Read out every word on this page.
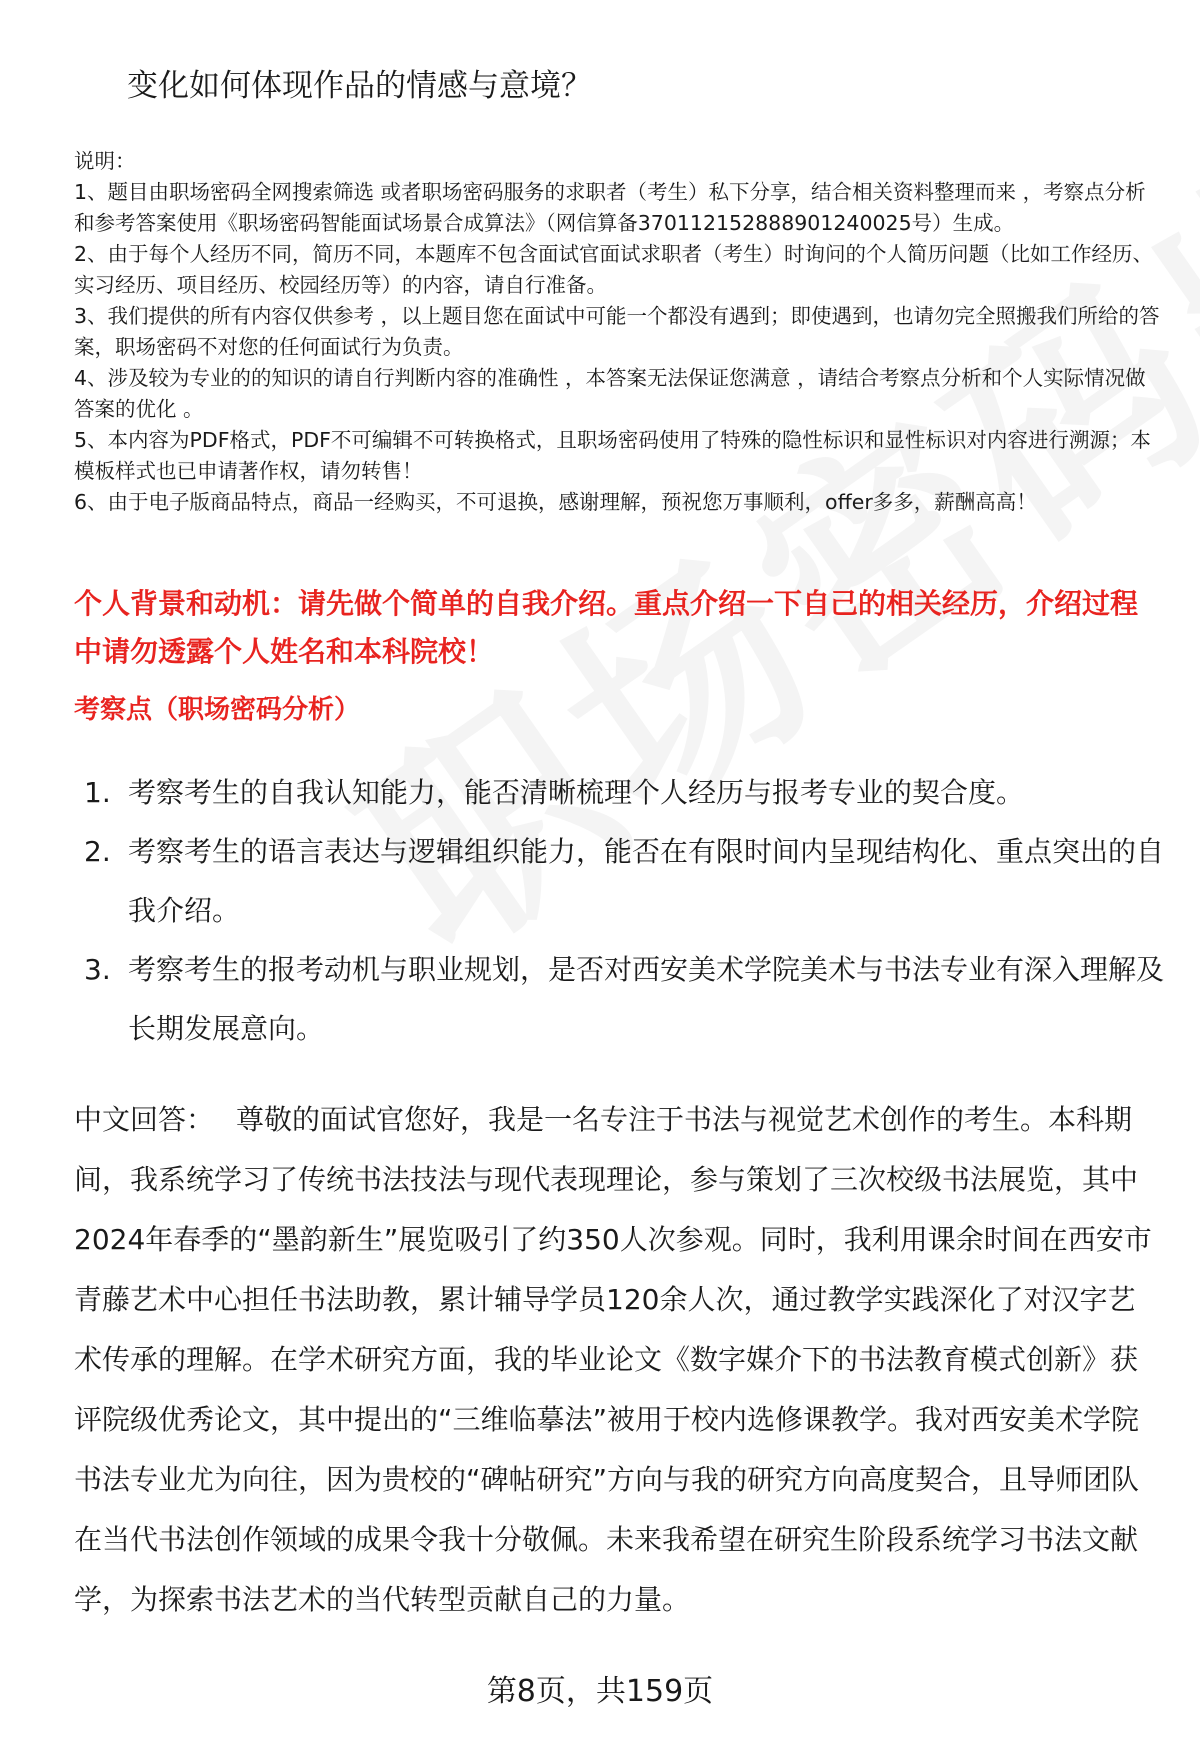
变化如何体现作品的情感与意境？
说明：
1、题目由职场密码全网搜索筛选 或者职场密码服务的求职者（考生）私下分享，结合相关资料整理而来 ，考察点分析和参考答案使用《职场密码智能面试场景合成算法》（网信算备370112152888901240025号）生成。
2、由于每个人经历不同，简历不同，本题库不包含面试官面试求职者（考生）时询问的个人简历问题（比如工作经历、实习经历、项目经历、校园经历等）的内容，请自行准备。
3、我们提供的所有内容仅供参考 ，以上题目您在面试中可能一个都没有遇到；即使遇到，也请勿完全照搬我们所给的答案，职场密码不对您的任何面试行为负责。
4、涉及较为专业的的知识的请自行判断内容的准确性 ，本答案无法保证您满意 ，请结合考察点分析和个人实际情况做答案的优化 。
5、本内容为PDF格式，PDF不可编辑不可转换格式，且职场密码使用了特殊的隐性标识和显性标识对内容进行溯源；本模板样式也已申请著作权，请勿转售！
6、由于电子版商品特点，商品一经购买，不可退换，感谢理解，预祝您万事顺利，offer多多，薪酬高高！

个人背景和动机：请先做个简单的自我介绍。重点介绍一下自己的相关经历，介绍过程中请勿透露个人姓名和本科院校！

考察点（职场密码分析）
1. 考察考生的自我认知能力，能否清晰梳理个人经历与报考专业的契合度。
2. 考察考生的语言表达与逻辑组织能力，能否在有限时间内呈现结构化、重点突出的自我介绍。
3. 考察考生的报考动机与职业规划，是否对西安美术学院美术与书法专业有深入理解及长期发展意向。

中文回答： 尊敬的面试官您好，我是一名专注于书法与视觉艺术创作的考生。本科期间，我系统学习了传统书法技法与现代表现理论，参与策划了三次校级书法展览，其中2024年春季的“墨韵新生”展览吸引了约350人次参观。同时，我利用课余时间在西安市青藤艺术中心担任书法助教，累计辅导学员120余人次，通过教学实践深化了对汉字艺术传承的理解。在学术研究方面，我的毕业论文《数字媒介下的书法教育模式创新》获评院级优秀论文，其中提出的“三维临摹法”被用于校内选修课教学。我对西安美术学院书法专业尤为向往，因为贵校的“碑帖研究”方向与我的研究方向高度契合，且导师团队在当代书法创作领域的成果令我十分敬佩。未来我希望在研究生阶段系统学习书法文献学，为探索书法艺术的当代转型贡献自己的力量。

第8页，共159页
